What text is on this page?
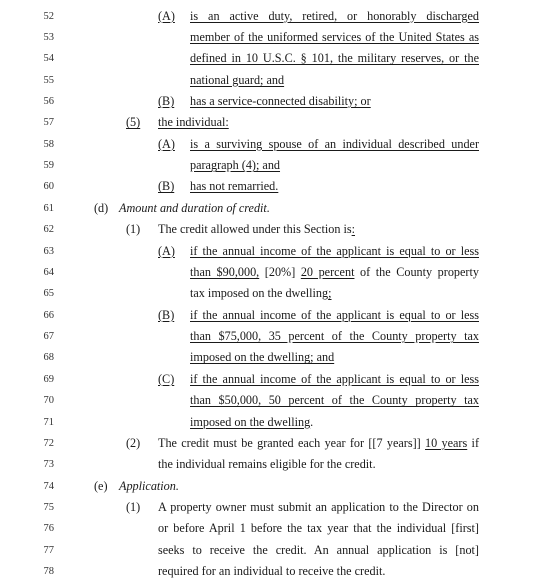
52	(A) is an active duty, retired, or honorably discharged
53	member of the uniformed services of the United States as
54	defined in 10 U.S.C. § 101, the military reserves, or the
55	national guard; and
56	(B) has a service-connected disability; or
57	(5) the individual:
58	(A) is a surviving spouse of an individual described under
59	paragraph (4); and
60	(B) has not remarried.
61	(d) Amount and duration of credit.
62	(1) The credit allowed under this Section is:
63	(A) if the annual income of the applicant is equal to or less
64	than $90,000, [20%] 20 percent of the County property
65	tax imposed on the dwelling;
66	(B) if the annual income of the applicant is equal to or less
67	than $75,000, 35 percent of the County property tax
68	imposed on the dwelling; and
69	(C) if the annual income of the applicant is equal to or less
70	than $50,000, 50 percent of the County property tax
71	imposed on the dwelling.
72	(2) The credit must be granted each year for [[7 years]] 10 years if
73	the individual remains eligible for the credit.
74	(e) Application.
75	(1) A property owner must submit an application to the Director on
76	or before April 1 before the tax year that the individual [first]
77	seeks to receive the credit. An annual application is [not]
78	required for an individual to receive the credit.
